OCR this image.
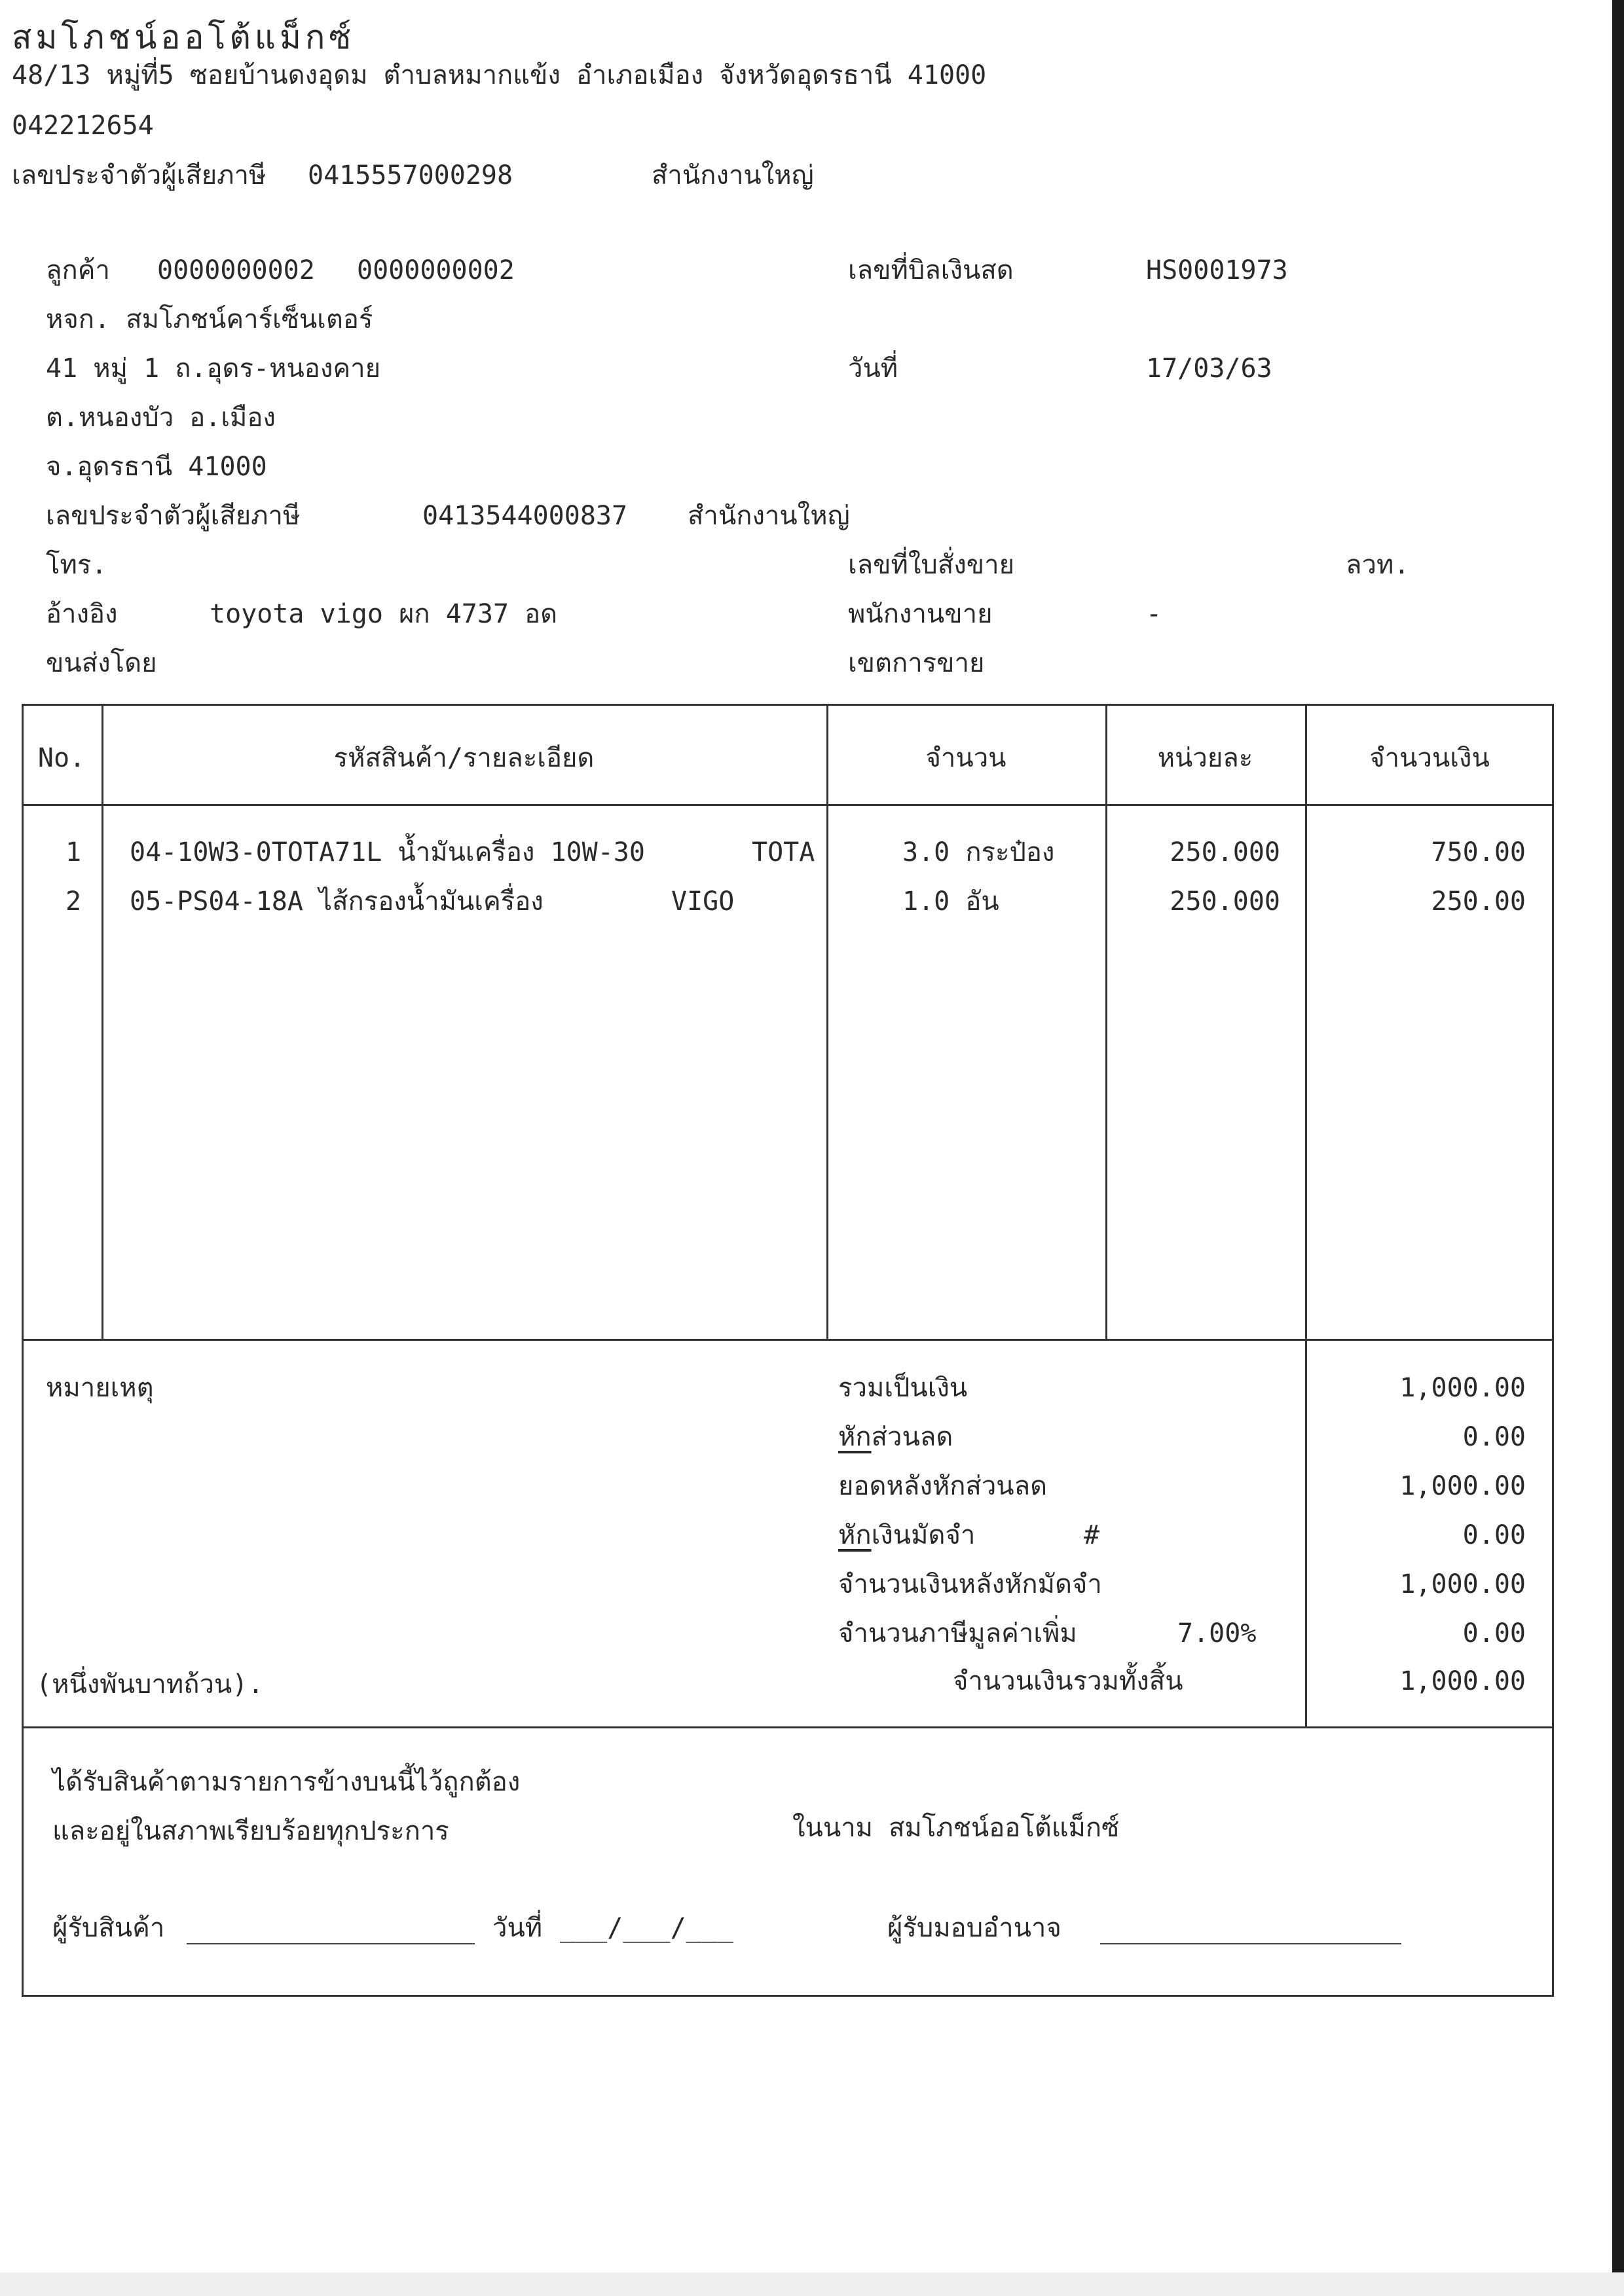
สมโภชน์ออโต้แม็กซ์
48/13 หมู่ที่5 ซอยบ้านดงอุดม ตำบลหมากแข้ง อำเภอเมือง จังหวัดอุดรธานี 41000
042212654
เลขประจำตัวผู้เสียภาษี 0415557000298	สำนักงานใหญ่
ลูกค้า 0000000002 0000000002
หจก. สมโภชน์คาร์เซ็นเตอร์
41 หมู่ 1 ถ.อุดร-หนองคาย
ต.หนองบัว อ.เมือง
จ.อุดรธานี 41000
เลขประจำตัวผู้เสียภาษี	0413544000837 สำนักงานใหญ่
โทร.
อ้างอิง	toyota vigo ผก 4737 อด
ขนส่งโดย
เลขที่บิลเงินสด	HS0001973
วันที่	17/03/63
เลขที่ใบสั่งขาย	ลวท.
พนักงานขาย	-
เขตการขาย
No.	รหัสสินค้า/รายละเอียด	จำนวน	หน่วยละ	จำนวนเงิน
1 04-10W3-0TOTA71L น้ำมันเครื่อง 10W-30	TOTA	3.0 กระป๋อง	250.000	750.00
2 05-PS04-18A ไส้กรองน้ำมันเครื่อง	VIGO	1.0 อัน	250.000	250.00
หมายเหตุ	รวมเป็นเงิน	1,000.00
หักส่วนลด	0.00
ยอดหลังหักส่วนลด	1,000.00
หักเงินมัดจำ	#	0.00
จำนวนเงินหลังหักมัดจำ	1,000.00
จำนวนภาษีมูลค่าเพิ่ม	7.00%	0.00
(หนึ่งพันบาทถ้วน).	จำนวนเงินรวมทั้งสิ้น	1,000.00
ได้รับสินค้าตามรายการข้างบนนี้ไว้ถูกต้อง
และอยู่ในสภาพเรียบร้อยทุกประการ	ในนาม สมโภชน์ออโต้แม็กซ์
ผู้รับสินค้า	วันที่ ___/___/___	ผู้รับมอบอำนาจ
